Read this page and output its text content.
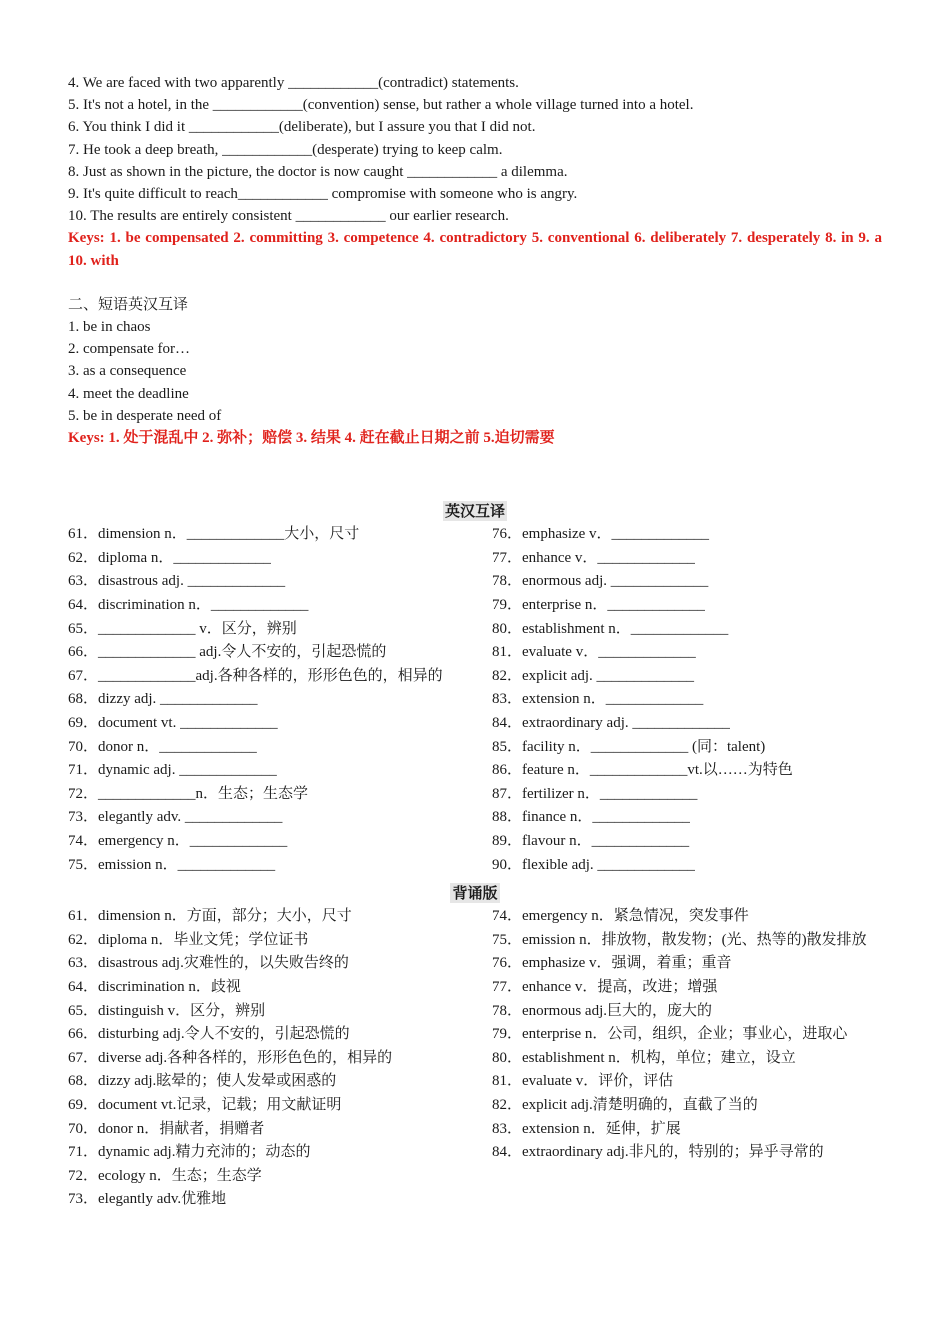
4. We are faced with two apparently ____________(contradict) statements.
5. It's not a hotel, in the ____________(convention) sense, but rather a whole village turned into a hotel.
6. You think I did it ____________(deliberate), but I assure you that I did not.
7. He took a deep breath, ____________(desperate) trying to keep calm.
8. Just as shown in the picture, the doctor is now caught ____________ a dilemma.
9. It's quite difficult to reach____________ compromise with someone who is angry.
10. The results are entirely consistent ____________ our earlier research.
Keys: 1. be compensated 2. committing 3. competence 4. contradictory 5. conventional 6. deliberately 7. desperately 8. in 9. a 10. with
二、短语英汉互译
1. be in chaos
2. compensate for…
3. as a consequence
4. meet the deadline
5. be in desperate need of
Keys: 1. 处于混乱中 2. 弥补；赔偿 3. 结果 4. 赶在截止日期之前 5.迫切需要
英汉互译
61．dimension n．_____________大小，尺寸
62．diploma n．_____________
63．disastrous adj. _____________
64．discrimination n．_____________
65．_____________ v．区分，辨别
66．_____________ adj.令人不安的，引起恐慌的
67．_____________adj.各种各样的，形形色色的，相异的
68．dizzy adj. _____________
69．document vt. _____________
70．donor n．_____________
71．dynamic adj. _____________
72．_____________n．生态；生态学
73．elegantly adv. _____________
74．emergency n．_____________
75．emission n．_____________
76．emphasize v．_____________
77．enhance v．_____________
78．enormous adj. _____________
79．enterprise n．_____________
80．establishment n．_____________
81．evaluate v．_____________
82．explicit adj. _____________
83．extension n．_____________
84．extraordinary adj. _____________
85．facility n．_____________ (同：talent)
86．feature n．_____________vt.以……为特色
87．fertilizer n．_____________
88．finance n．_____________
89．flavour n．_____________
90．flexible adj. _____________
背诵版
61．dimension n．方面，部分；大小，尺寸
62．diploma n．毕业文凭；学位证书
63．disastrous adj.灾难性的，以失败告终的
64．discrimination n．歧视
65．distinguish v．区分，辨别
66．disturbing adj.令人不安的，引起恐慌的
67．diverse adj.各种各样的，形形色色的，相异的
68．dizzy adj.眩晕的；使人发晕或困惑的
69．document vt.记录，记载；用文献证明
70．donor n．捐献者，捐赠者
71．dynamic adj.精力充沛的；动态的
72．ecology n．生态；生态学
73．elegantly adv.优雅地
74．emergency n．紧急情况，突发事件
75．emission n．排放物，散发物；(光、热等的)散发排放
76．emphasize v．强调，着重；重音
77．enhance v．提高，改进；增强
78．enormous adj.巨大的，庞大的
79．enterprise n．公司，组织，企业；事业心，进取心
80．establishment n．机构，单位；建立，设立
81．evaluate v．评价，评估
82．explicit adj.清楚明确的，直截了当的
83．extension n．延伸，扩展
84．extraordinary adj.非凡的，特别的；异乎寻常的
